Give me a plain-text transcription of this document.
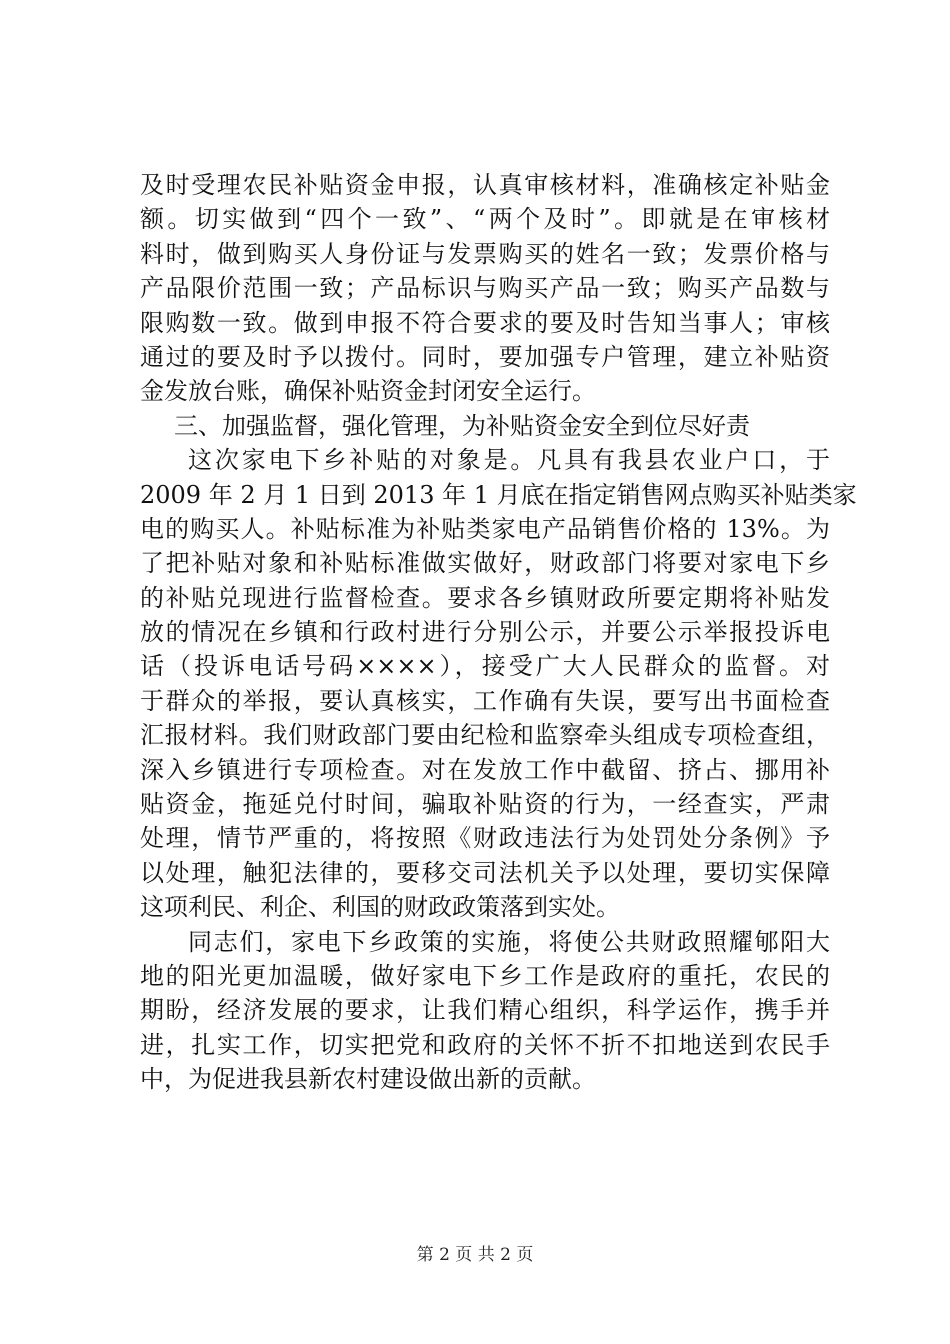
及时受理农民补贴资金申报，认真审核材料，准确核定补贴金
额。切实做到“四个一致”、“两个及时”。即就是在审核材
料时，做到购买人身份证与发票购买的姓名一致；发票价格与
产品限价范围一致；产品标识与购买产品一致；购买产品数与
限购数一致。做到申报不符合要求的要及时告知当事人；审核
通过的要及时予以拨付。同时，要加强专户管理，建立补贴资
金发放台账，确保补贴资金封闭安全运行。
三、加强监督，强化管理，为补贴资金安全到位尽好责
这次家电下乡补贴的对象是。凡具有我县农业户口，于
2009 年 2 月 1 日到 2013 年 1 月底在指定销售网点购买补贴类家
电的购买人。补贴标准为补贴类家电产品销售价格的 13%。为
了把补贴对象和补贴标准做实做好，财政部门将要对家电下乡
的补贴兑现进行监督检查。要求各乡镇财政所要定期将补贴发
放的情况在乡镇和行政村进行分别公示，并要公示举报投诉电
话（投诉电话号码××××），接受广大人民群众的监督。对
于群众的举报，要认真核实，工作确有失误，要写出书面检查
汇报材料。我们财政部门要由纪检和监察牵头组成专项检查组，
深入乡镇进行专项检查。对在发放工作中截留、挤占、挪用补
贴资金，拖延兑付时间，骗取补贴资的行为，一经查实，严肃
处理，情节严重的，将按照《财政违法行为处罚处分条例》予
以处理，触犯法律的，要移交司法机关予以处理，要切实保障
这项利民、利企、利国的财政政策落到实处。
同志们，家电下乡政策的实施，将使公共财政照耀郇阳大
地的阳光更加温暖，做好家电下乡工作是政府的重托，农民的
期盼，经济发展的要求，让我们精心组织，科学运作，携手并
进，扎实工作，切实把党和政府的关怀不折不扣地送到农民手
中，为促进我县新农村建设做出新的贡献。
第 2 页 共 2 页
